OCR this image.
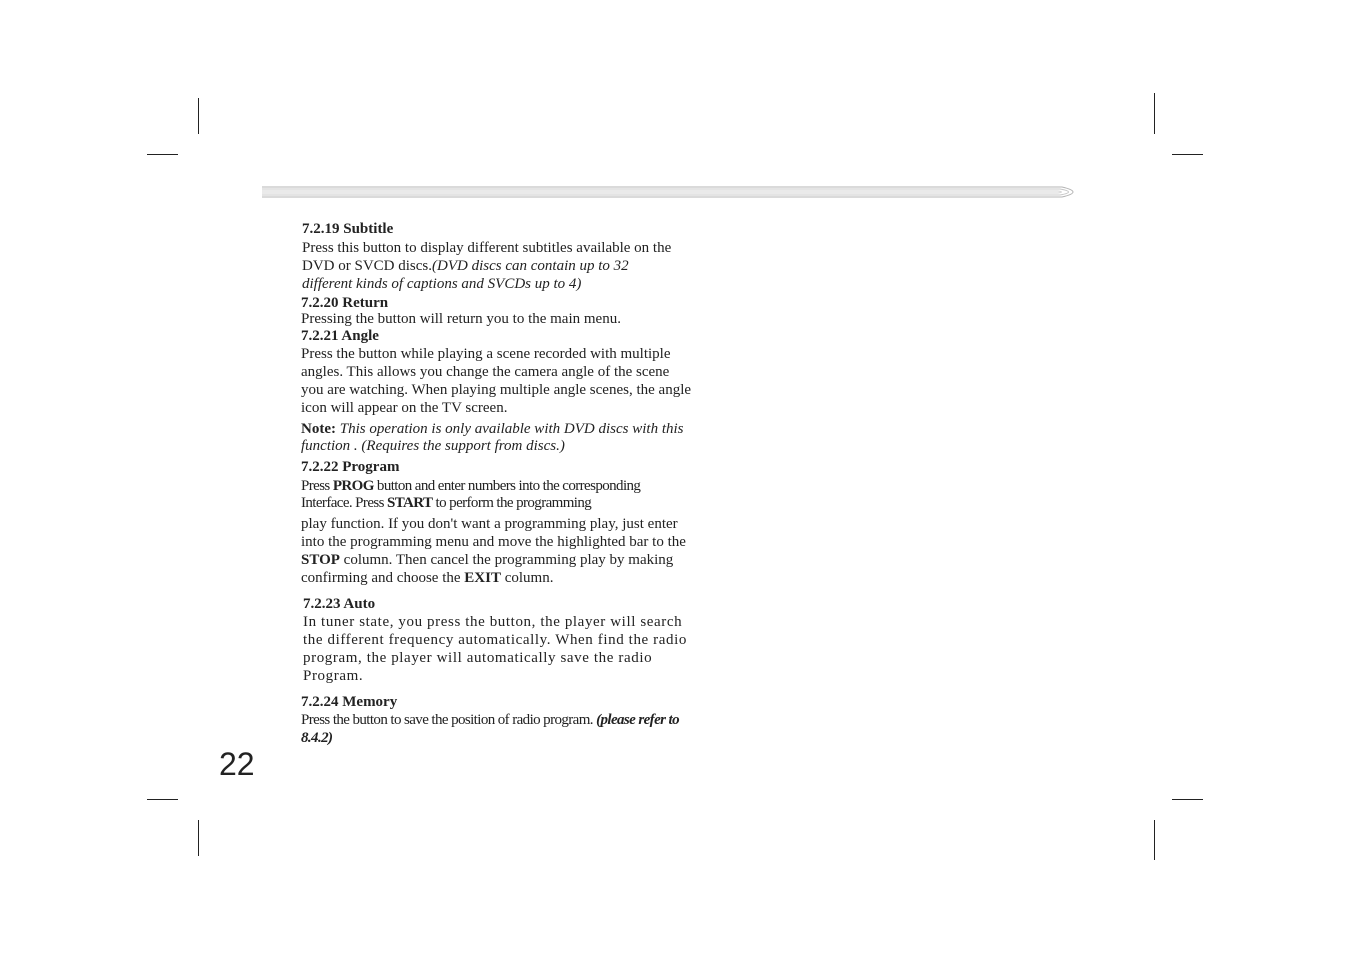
7.2.19 Subtitle
Press this button to display different subtitles available on the DVD or SVCD discs.(DVD discs can contain up to 32 different kinds of captions and SVCDs up to 4)
7.2.20 Return
Pressing the button will return you to the main menu.
7.2.21 Angle
Press the button while playing a scene recorded with multiple angles. This allows you change the camera angle of the scene you are watching. When playing multiple angle scenes, the angle icon will appear on the TV screen.
Note: This operation is only available with DVD discs with this function . (Requires the support from discs.)
7.2.22 Program
Press PROG button and enter numbers into the corresponding Interface. Press START to perform the programming
play function. If you don't want a programming play, just enter into the programming menu and move the highlighted bar to the STOP column. Then cancel the programming play by making confirming and choose the EXIT column.
7.2.23 Auto
In tuner state, you press the button, the player will search the different frequency automatically. When find the radio program, the player will automatically save the radio Program.
7.2.24 Memory
Press the button to save the position of radio program. (please refer to 8.4.2)
22
